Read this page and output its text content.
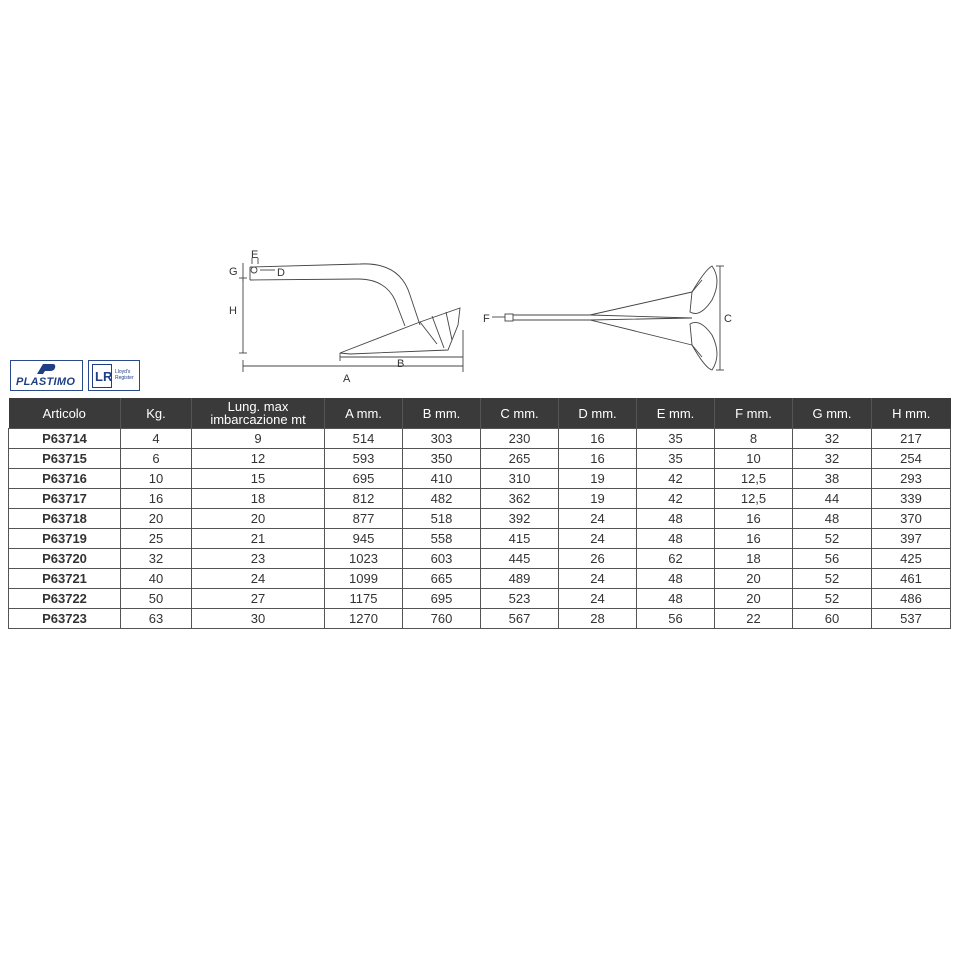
E
G	D
H
A
B
F	C
PLASTIMO LR Lloyd's Register
Articolo	Kg.	Lung. max imbarcazione mt	A mm.	B mm.	C mm.	D mm.	E mm.	F mm.	G mm.	H mm.
P63714	4	9	514	303	230	16	35	8	32	217
P63715	6	12	593	350	265	16	35	10	32	254
P63716	10	15	695	410	310	19	42	12,5	38	293
P63717	16	18	812	482	362	19	42	12,5	44	339
P63718	20	20	877	518	392	24	48	16	48	370
P63719	25	21	945	558	415	24	48	16	52	397
P63720	32	23	1023	603	445	26	62	18	56	425
P63721	40	24	1099	665	489	24	48	20	52	461
P63722	50	27	1175	695	523	24	48	20	52	486
P63723	63	30	1270	760	567	28	56	22	60	537
